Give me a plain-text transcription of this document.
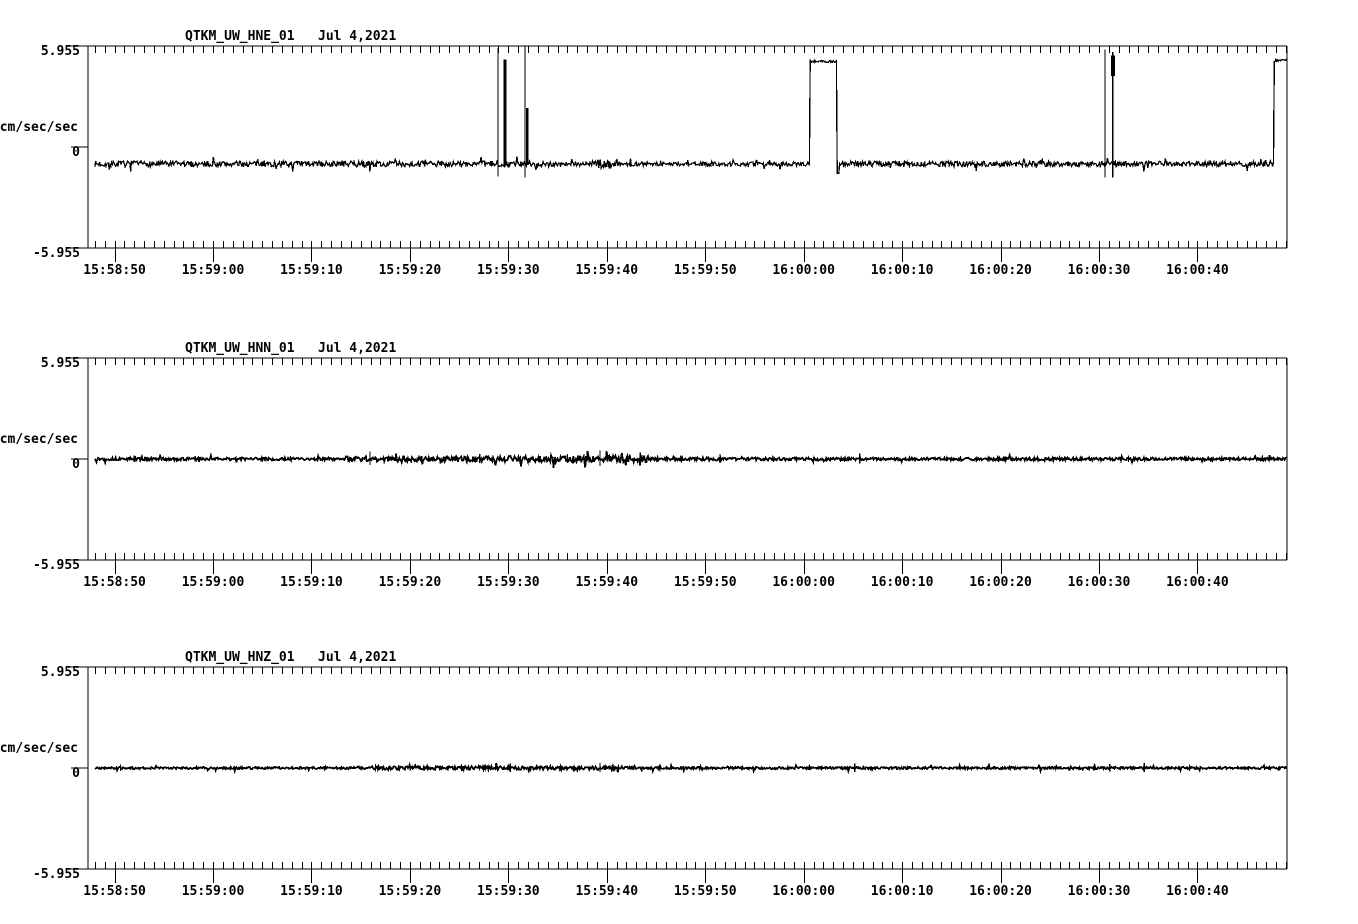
QTKM_UW_HNE_01 Jul 4,2021
5.955
0
-5.955
cm/sec/sec
15:58:50	15:59:00	15:59:10	15:59:20	15:59:30	15:59:40	15:59:50	16:00:00	16:00:10	16:00:20	16:00:30	16:00:40
QTKM_UW_HNN_01 Jul 4,2021
5.955
0
-5.955
cm/sec/sec
15:58:50	15:59:00	15:59:10	15:59:20	15:59:30	15:59:40	15:59:50	16:00:00	16:00:10	16:00:20	16:00:30	16:00:40
QTKM_UW_HNZ_01 Jul 4,2021
5.955
0
-5.955
cm/sec/sec
15:58:50	15:59:00	15:59:10	15:59:20	15:59:30	15:59:40	15:59:50	16:00:00	16:00:10	16:00:20	16:00:30	16:00:40
